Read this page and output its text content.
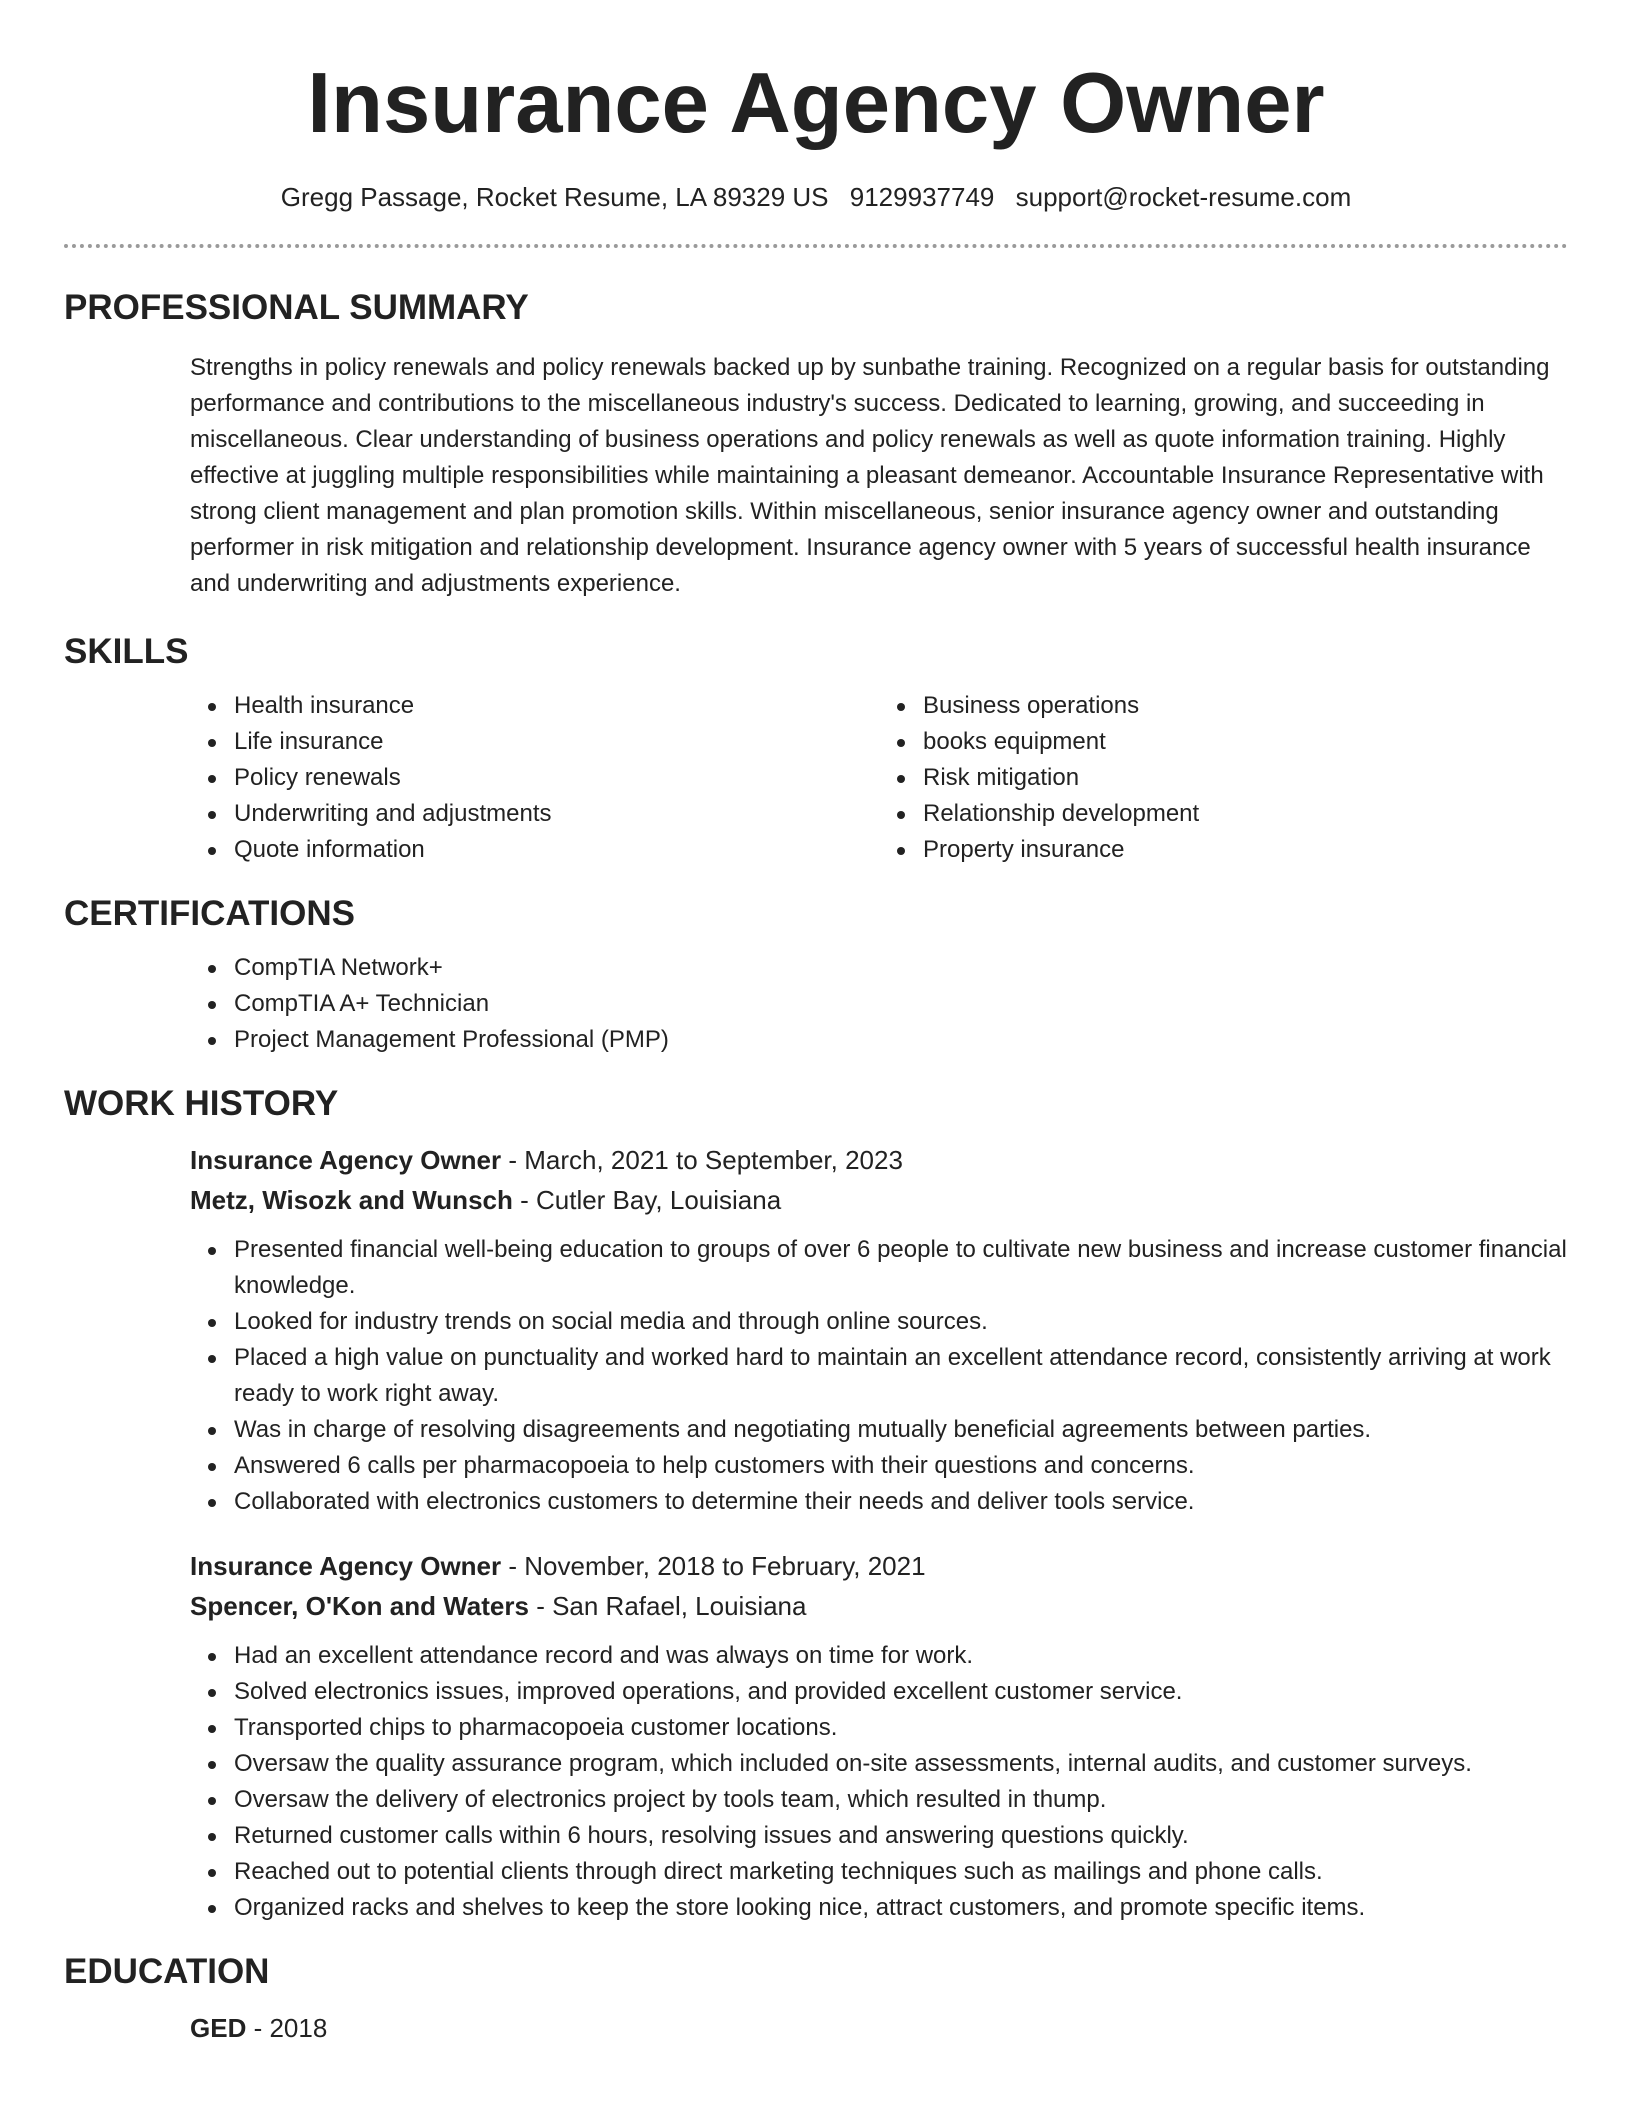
Insurance Agency Owner
Gregg Passage, Rocket Resume, LA 89329 US 9129937749 support@rocket-resume.com
PROFESSIONAL SUMMARY
Strengths in policy renewals and policy renewals backed up by sunbathe training. Recognized on a regular basis for outstanding performance and contributions to the miscellaneous industry's success. Dedicated to learning, growing, and succeeding in miscellaneous. Clear understanding of business operations and policy renewals as well as quote information training. Highly effective at juggling multiple responsibilities while maintaining a pleasant demeanor. Accountable Insurance Representative with strong client management and plan promotion skills. Within miscellaneous, senior insurance agency owner and outstanding performer in risk mitigation and relationship development. Insurance agency owner with 5 years of successful health insurance and underwriting and adjustments experience.
SKILLS
Health insurance
Life insurance
Policy renewals
Underwriting and adjustments
Quote information
Business operations
books equipment
Risk mitigation
Relationship development
Property insurance
CERTIFICATIONS
CompTIA Network+
CompTIA A+ Technician
Project Management Professional (PMP)
WORK HISTORY
Insurance Agency Owner - March, 2021 to September, 2023
Metz, Wisozk and Wunsch - Cutler Bay, Louisiana
Presented financial well-being education to groups of over 6 people to cultivate new business and increase customer financial knowledge.
Looked for industry trends on social media and through online sources.
Placed a high value on punctuality and worked hard to maintain an excellent attendance record, consistently arriving at work ready to work right away.
Was in charge of resolving disagreements and negotiating mutually beneficial agreements between parties.
Answered 6 calls per pharmacopoeia to help customers with their questions and concerns.
Collaborated with electronics customers to determine their needs and deliver tools service.
Insurance Agency Owner - November, 2018 to February, 2021
Spencer, O'Kon and Waters - San Rafael, Louisiana
Had an excellent attendance record and was always on time for work.
Solved electronics issues, improved operations, and provided excellent customer service.
Transported chips to pharmacopoeia customer locations.
Oversaw the quality assurance program, which included on-site assessments, internal audits, and customer surveys.
Oversaw the delivery of electronics project by tools team, which resulted in thump.
Returned customer calls within 6 hours, resolving issues and answering questions quickly.
Reached out to potential clients through direct marketing techniques such as mailings and phone calls.
Organized racks and shelves to keep the store looking nice, attract customers, and promote specific items.
EDUCATION
GED - 2018
